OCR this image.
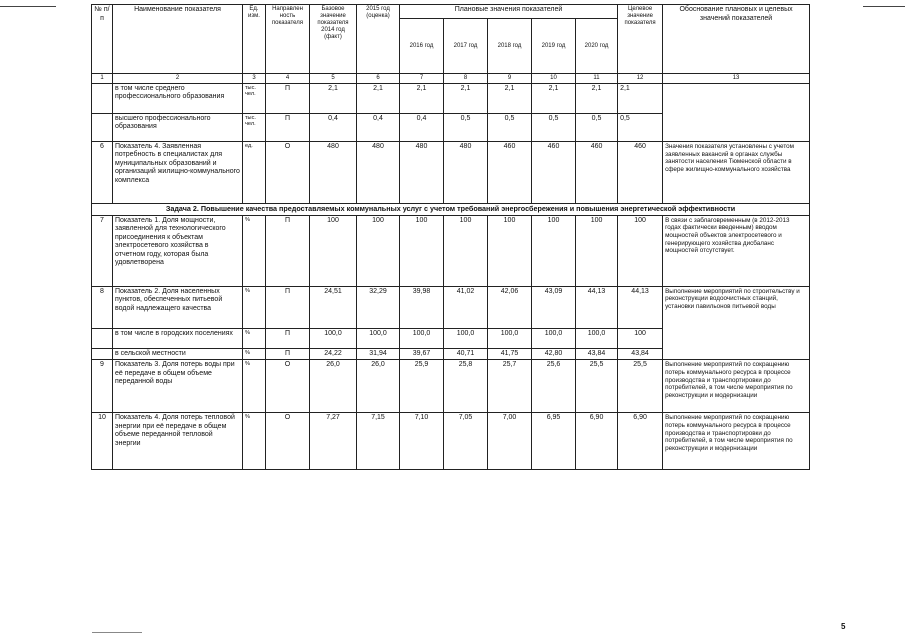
№ п/п	Наименование показателя	Ед. изм.	Направлен ность показателя	Базовое значение показателя 2014 год (факт)	2015 год (оценка)	Плановые значения показателей					Целевое значение показателя	Обоснование плановых и целевых значений показателей
						2016 год	2017 год	2018 год	2019 год	2020 год		
1	2	3	4	5	6	7	8	9	10	11	12	13
	в том числе среднего профессионального образования	тыс. чел.	П	2,1	2,1	2,1	2,1	2,1	2,1	2,1	2,1	
	высшего профессионального образования	тыс. чел.	П	0,4	0,4	0,4	0,5	0,5	0,5	0,5	0,5	
6	Показатель 4. Заявленная потребность в специалистах для муниципальных образований и организаций жилищно-коммунального комплекса	ед.	О	480	480	480	480	460	460	460	460	Значения показателя установлены с учетом заявленных вакансий в органах службы занятости населения Тюменской области в сфере жилищно-коммунального хозяйства
Задача 2. Повышение качества предоставляемых коммунальных услуг с учетом требований энергосбережения и повышения энергетической эффективности												
7	Показатель 1. Доля мощности, заявленной для технологического присоединения к объектам электросетевого хозяйства в отчетном году, которая была удовлетворена	%	П	100	100	100	100	100	100	100	100	В связи с заблаговременным (в 2012-2013 годах фактически введенным) вводом мощностей объектов электросетевого и генерирующего хозяйства дисбаланс мощностей отсутствует.
8	Показатель 2. Доля населенных пунктов, обеспеченных питьевой водой надлежащего качества	%	П	24,51	32,29	39,98	41,02	42,06	43,09	44,13	44,13	Выполнение мероприятий по строительству и реконструкции водоочистных станций, установки павильонов питьевой воды
	в том числе в городских поселениях	%	П	100,0	100,0	100,0	100,0	100,0	100,0	100,0	100	
	в сельской местности	%	П	24,22	31,94	39,67	40,71	41,75	42,80	43,84	43,84	
9	Показатель 3. Доля потерь воды при её передаче в общем объеме переданной воды	%	О	26,0	26,0	25,9	25,8	25,7	25,6	25,5	25,5	Выполнение мероприятий по сокращению потерь коммунального ресурса в процессе производства и транспортировки до потребителей, в том числе мероприятия по реконструкции и модернизации
10	Показатель 4. Доля потерь тепловой энергии при её передаче в общем объеме переданной тепловой энергии	%	О	7,27	7,15	7,10	7,05	7,00	6,95	6,90	6,90	Выполнение мероприятий по сокращению потерь коммунального ресурса в процессе производства и транспортировки до потребителей, в том числе мероприятия по реконструкции и модернизации
5
